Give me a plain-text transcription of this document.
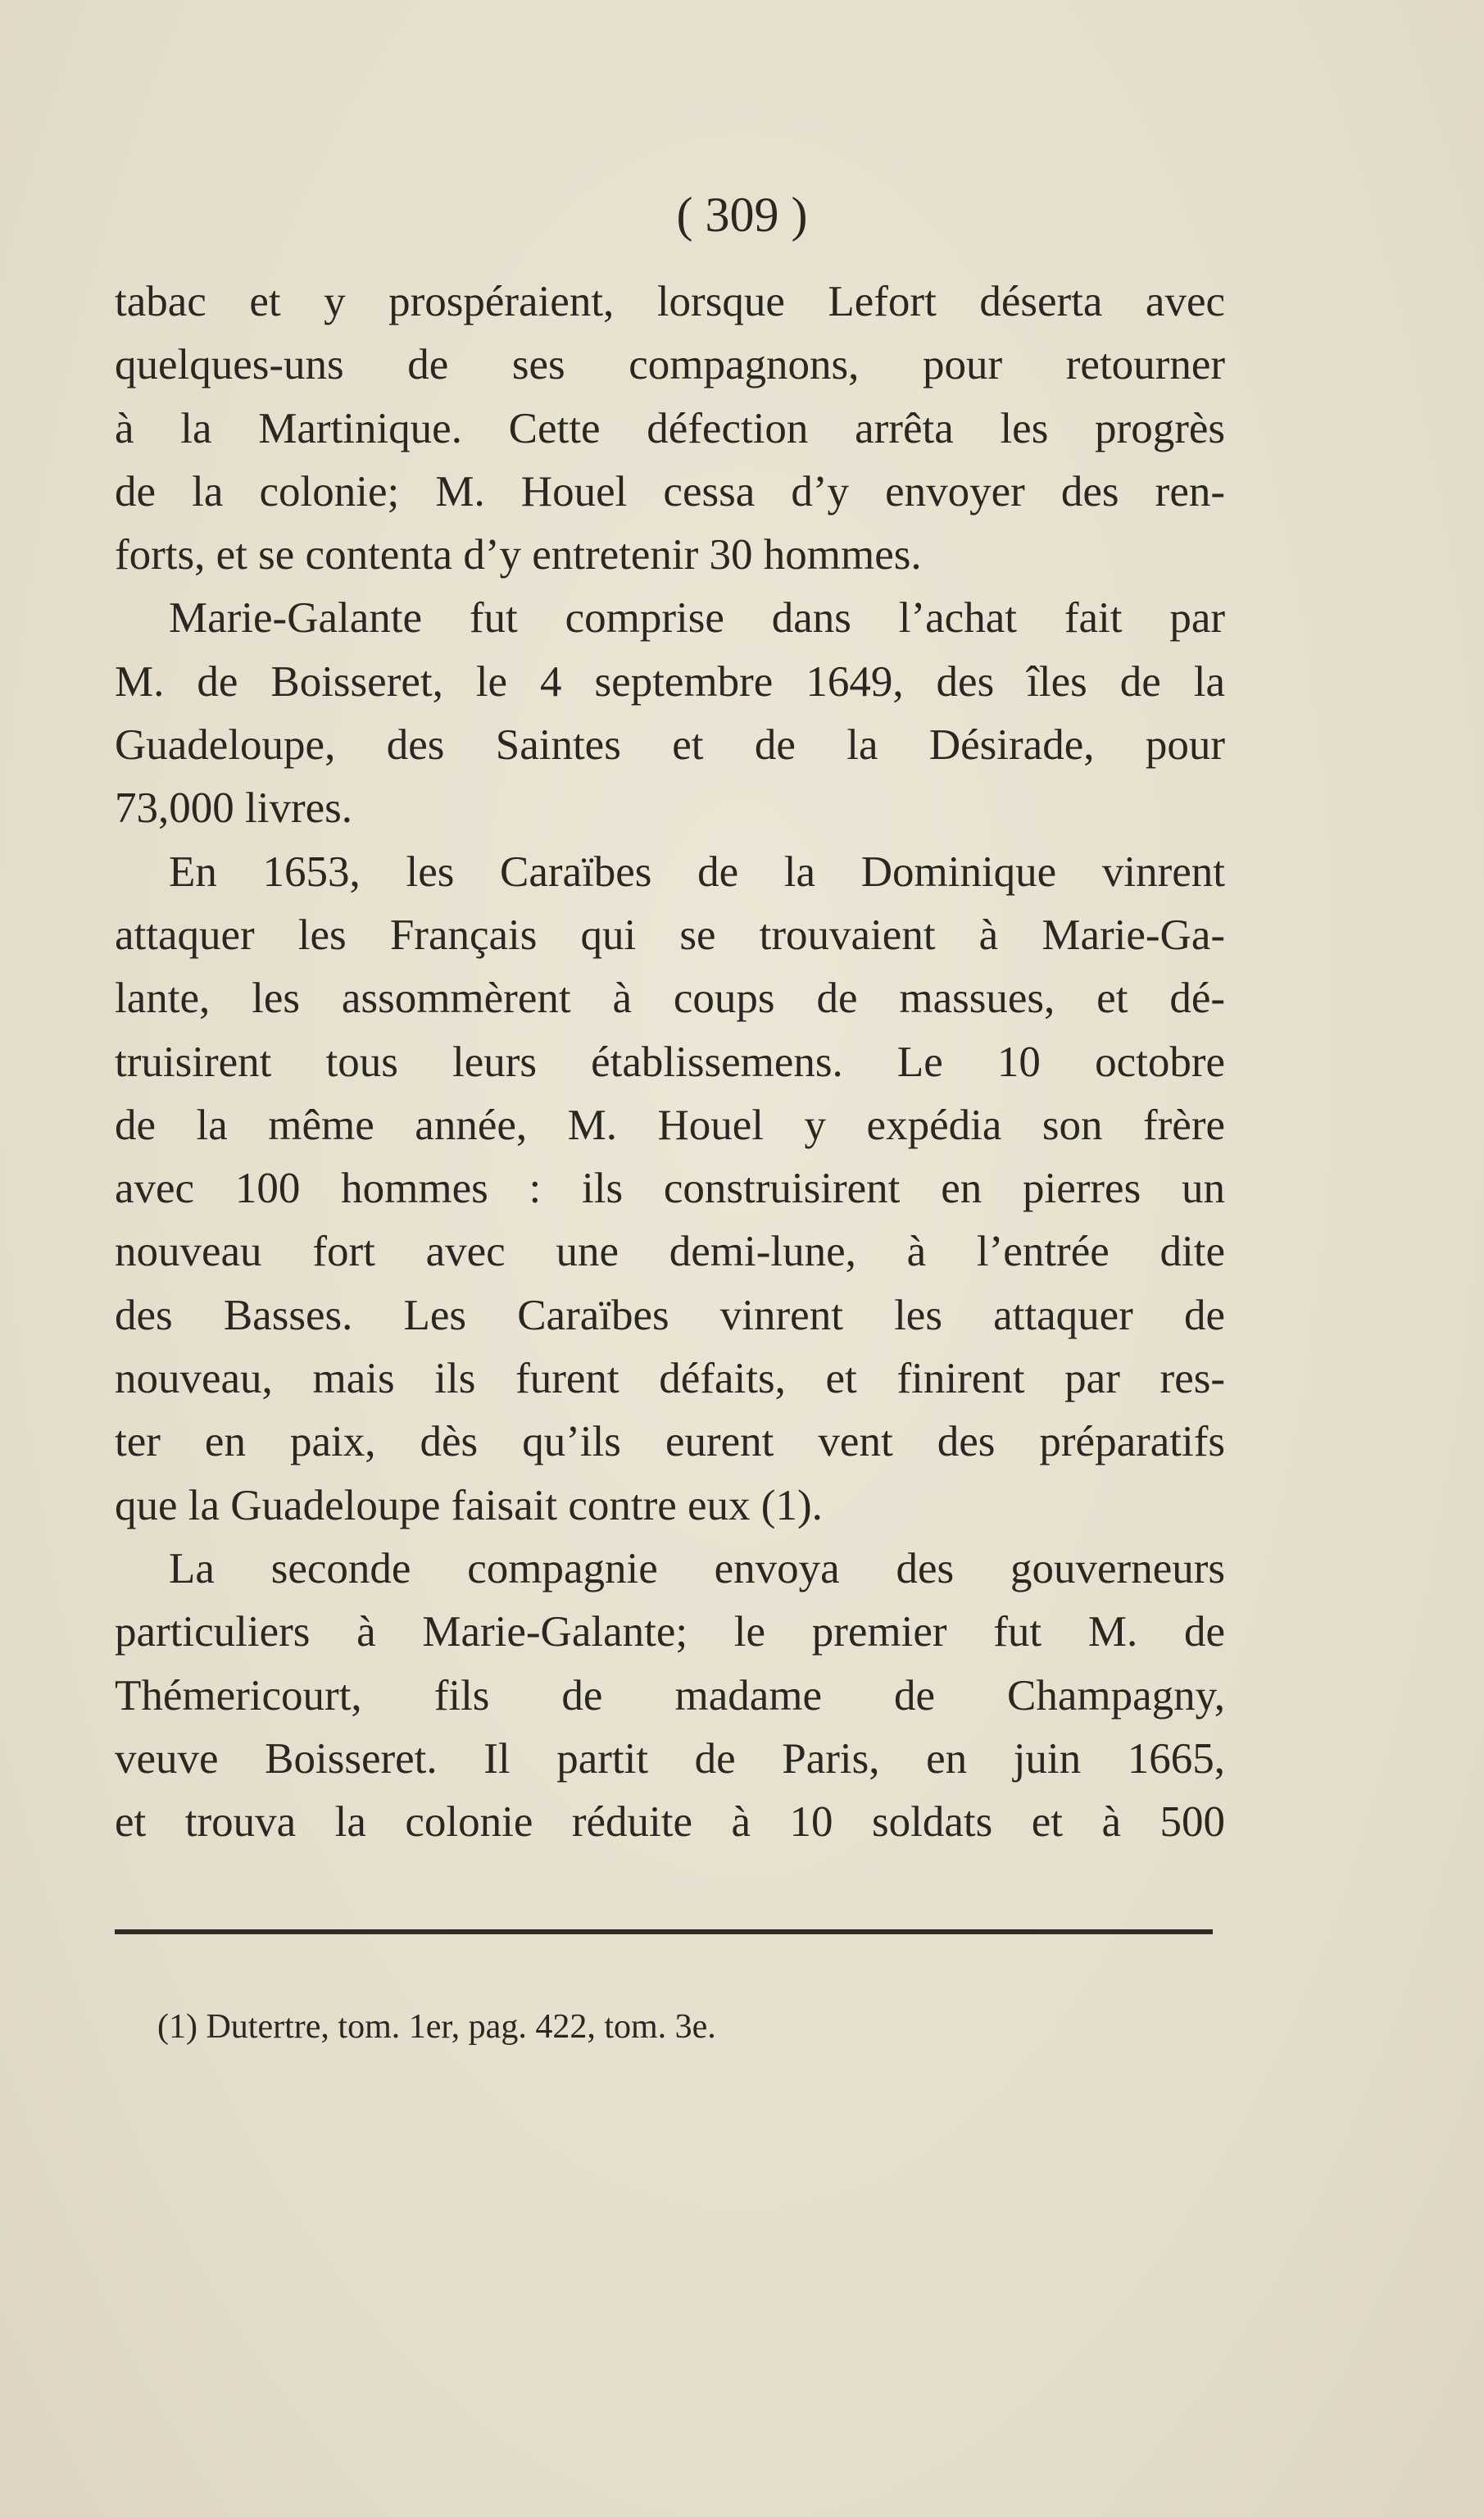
( 309 )
tabac et y prospéraient, lorsque Lefort déserta avec
quelques-uns de ses compagnons, pour retourner
à la Martinique. Cette défection arrêta les progrès
de la colonie; M. Houel cessa d’y envoyer des ren-
forts, et se contenta d’y entretenir 30 hommes.
Marie-Galante fut comprise dans l’achat fait par
M. de Boisseret, le 4 septembre 1649, des îles de la
Guadeloupe, des Saintes et de la Désirade, pour
73,000 livres.
En 1653, les Caraïbes de la Dominique vinrent
attaquer les Français qui se trouvaient à Marie-Ga-
lante, les assommèrent à coups de massues, et dé-
truisirent tous leurs établissemens. Le 10 octobre
de la même année, M. Houel y expédia son frère
avec 100 hommes : ils construisirent en pierres un
nouveau fort avec une demi-lune, à l’entrée dite
des Basses. Les Caraïbes vinrent les attaquer de
nouveau, mais ils furent défaits, et finirent par res-
ter en paix, dès qu’ils eurent vent des préparatifs
que la Guadeloupe faisait contre eux (1).
La seconde compagnie envoya des gouverneurs
particuliers à Marie-Galante; le premier fut M. de
Thémericourt, fils de madame de Champagny,
veuve Boisseret. Il partit de Paris, en juin 1665,
et trouva la colonie réduite à 10 soldats et à 500
(1) Dutertre, tom. 1er, pag. 422, tom. 3e.
